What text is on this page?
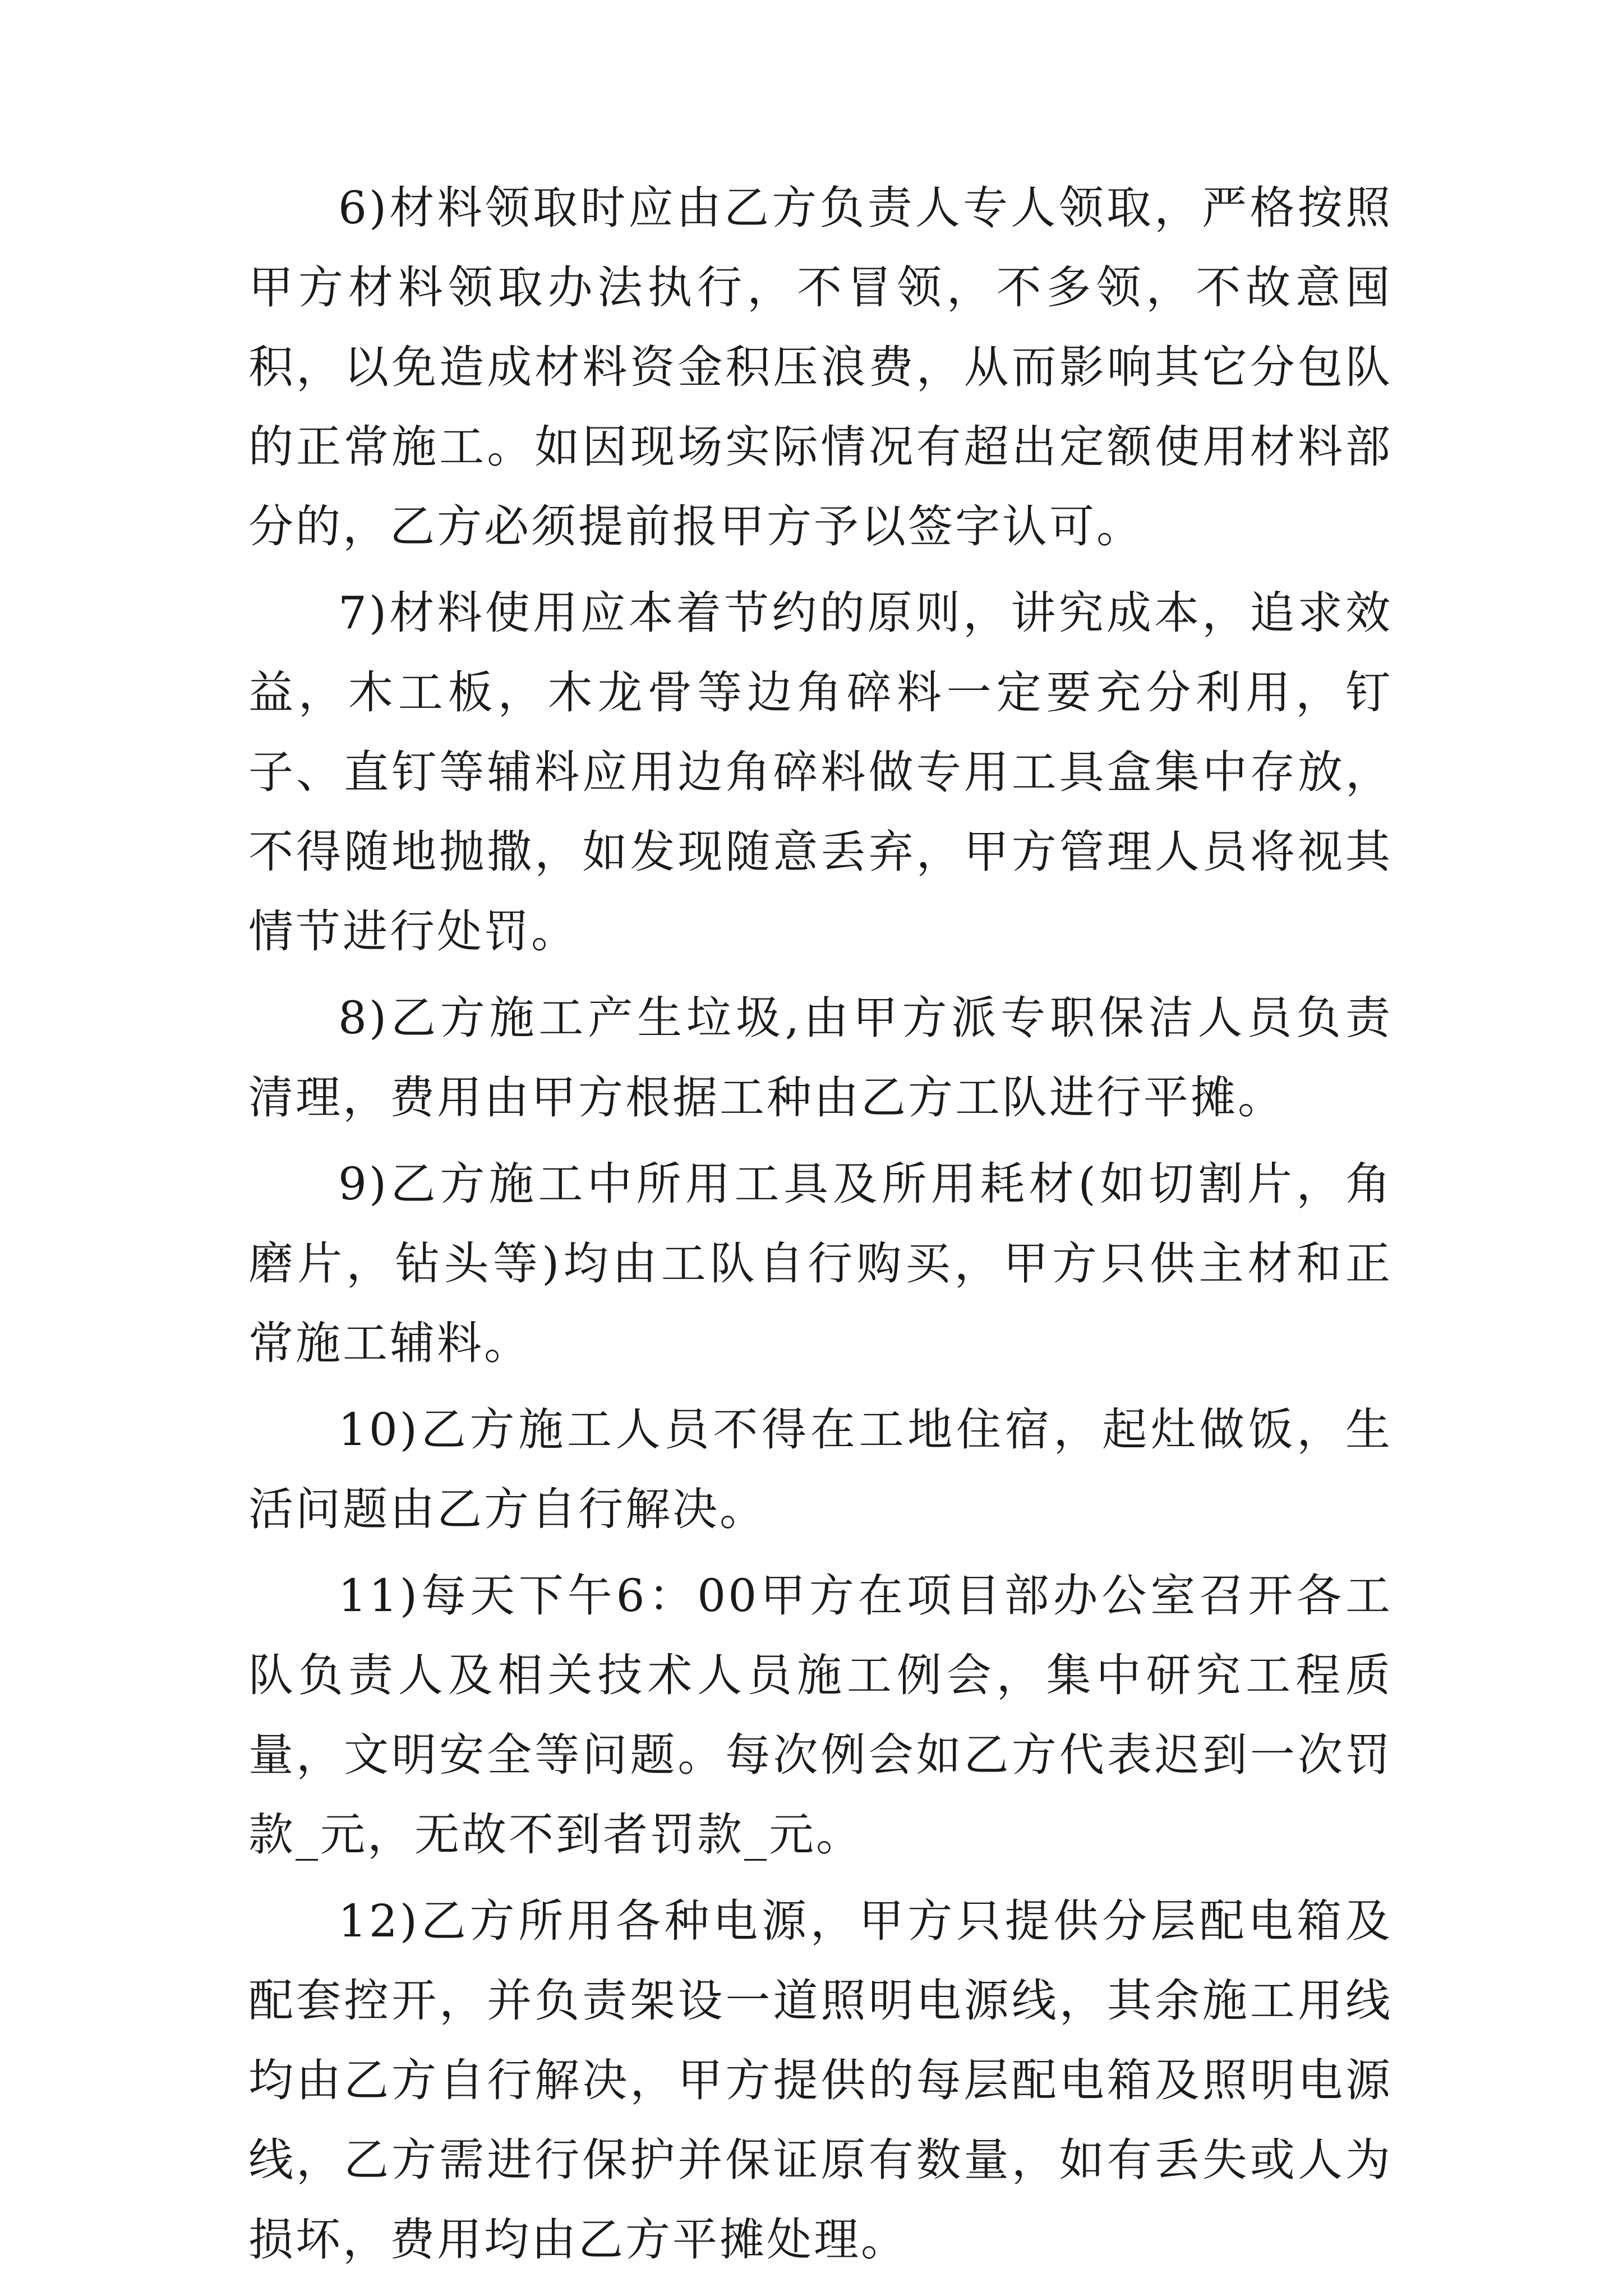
6)材料领取时应由乙方负责人专人领取，严格按照甲方材料领取办法执行，不冒领，不多领，不故意囤积，以免造成材料资金积压浪费，从而影响其它分包队的正常施工。如因现场实际情况有超出定额使用材料部分的，乙方必须提前报甲方予以签字认可。

7)材料使用应本着节约的原则，讲究成本，追求效益，木工板，木龙骨等边角碎料一定要充分利用，钉子、直钉等辅料应用边角碎料做专用工具盒集中存放，不得随地抛撒，如发现随意丢弃，甲方管理人员将视其情节进行处罚。

8)乙方施工产生垃圾,由甲方派专职保洁人员负责清理，费用由甲方根据工种由乙方工队进行平摊。

9)乙方施工中所用工具及所用耗材(如切割片，角磨片，钻头等)均由工队自行购买，甲方只供主材和正常施工辅料。

10)乙方施工人员不得在工地住宿，起灶做饭，生活问题由乙方自行解决。

11)每天下午6：00甲方在项目部办公室召开各工队负责人及相关技术人员施工例会，集中研究工程质量，文明安全等问题。每次例会如乙方代表迟到一次罚款_元，无故不到者罚款_元。

12)乙方所用各种电源，甲方只提供分层配电箱及配套控开，并负责架设一道照明电源线，其余施工用线均由乙方自行解决，甲方提供的每层配电箱及照明电源线，乙方需进行保护并保证原有数量，如有丢失或人为损坏，费用均由乙方平摊处理。
